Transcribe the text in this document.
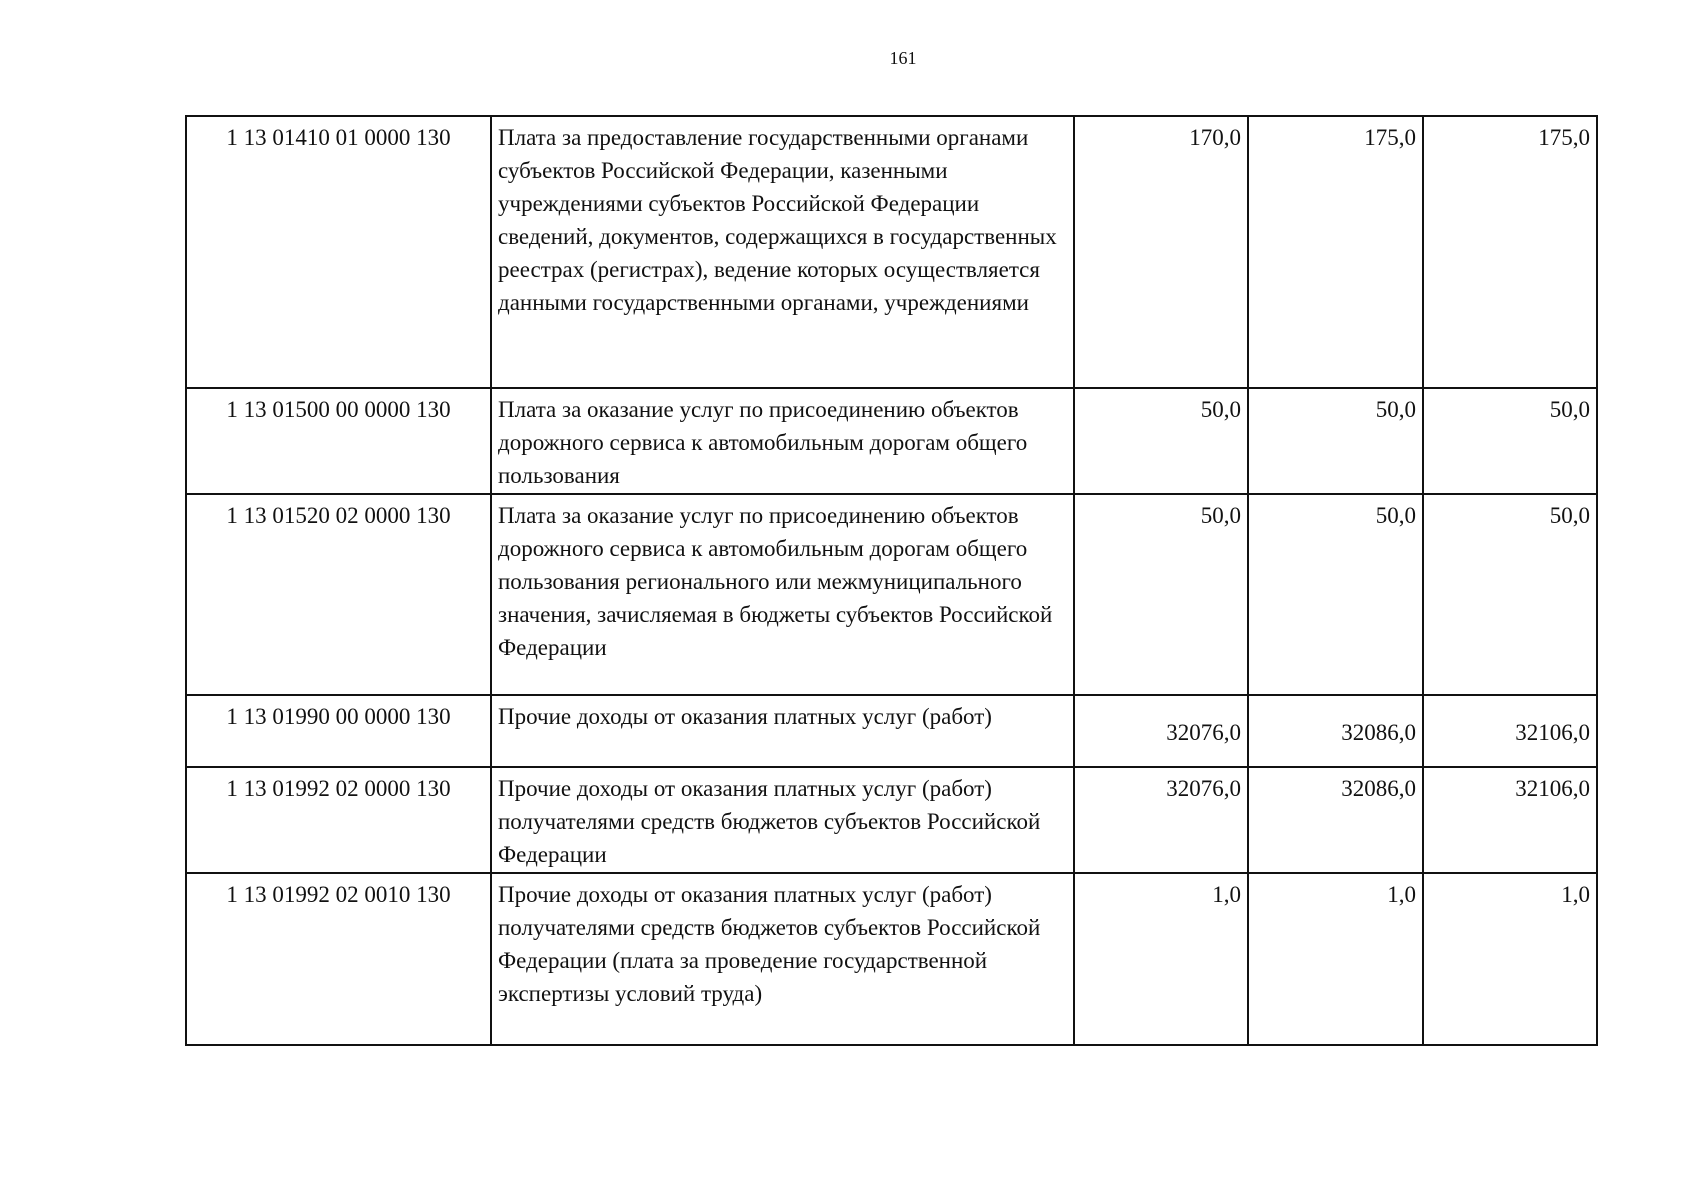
161
1 13 01410 01 0000 130	Плата за предоставление государственными органами субъектов Российской Федерации, казенными учреждениями субъектов Российской Федерации сведений, документов, содержащихся в государственных реестрах (регистрах), ведение которых осуществляется данными государственными органами, учреждениями	170,0	175,0	175,0
1 13 01500 00 0000 130	Плата за оказание услуг по присоединению объектов дорожного сервиса к автомобильным дорогам общего пользования	50,0	50,0	50,0
1 13 01520 02 0000 130	Плата за оказание услуг по присоединению объектов дорожного сервиса к автомобильным дорогам общего пользования регионального или межмуниципального значения, зачисляемая в бюджеты субъектов Российской Федерации	50,0	50,0	50,0
1 13 01990 00 0000 130	Прочие доходы от оказания платных услуг (работ)	32076,0	32086,0	32106,0
1 13 01992 02 0000 130	Прочие доходы от оказания платных услуг (работ) получателями средств бюджетов субъектов Российской Федерации	32076,0	32086,0	32106,0
1 13 01992 02 0010 130	Прочие доходы от оказания платных услуг (работ) получателями средств бюджетов субъектов Российской Федерации (плата за проведение государственной экспертизы условий труда)	1,0	1,0	1,0
